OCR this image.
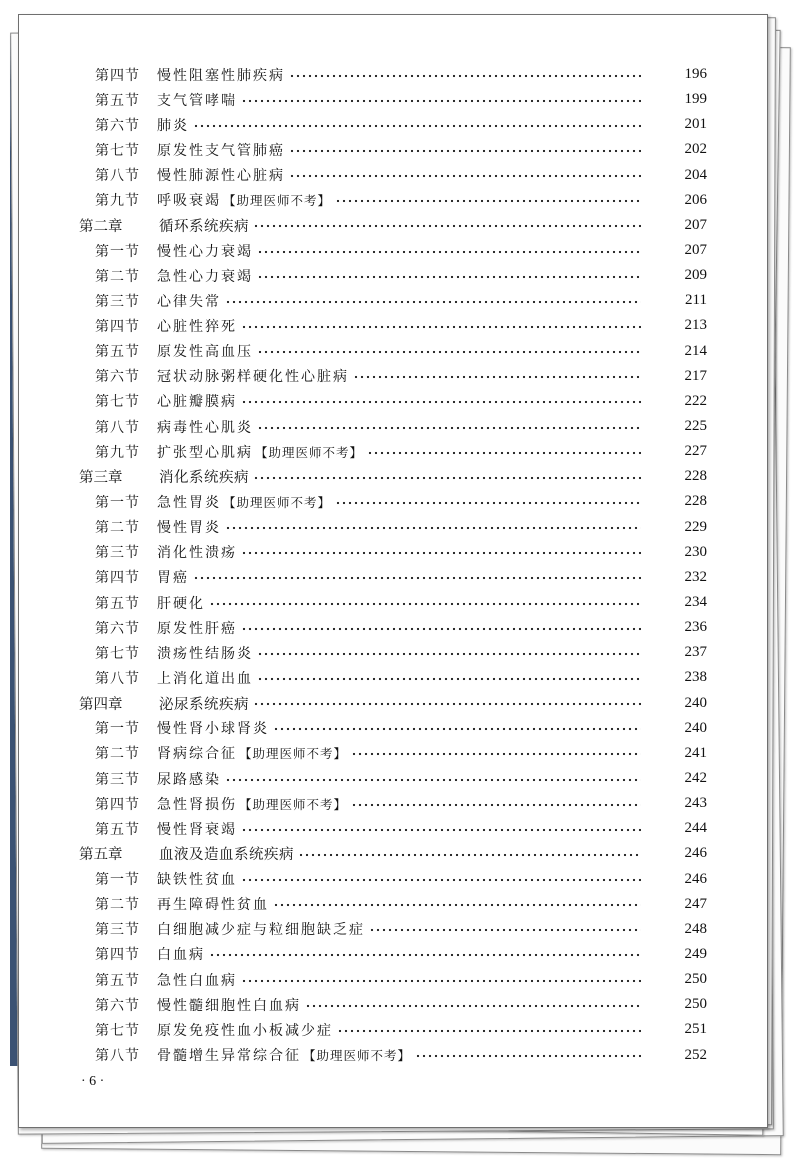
第四节	慢性阻塞性肺疾病	196
第五节	支气管哮喘	199
第六节	肺炎	201
第七节	原发性支气管肺癌	202
第八节	慢性肺源性心脏病	204
第九节	呼吸衰竭 【助理医师不考】	206
第二章	循环系统疾病	207
第一节	慢性心力衰竭	207
第二节	急性心力衰竭	209
第三节	心律失常	211
第四节	心脏性猝死	213
第五节	原发性高血压	214
第六节	冠状动脉粥样硬化性心脏病	217
第七节	心脏瓣膜病	222
第八节	病毒性心肌炎	225
第九节	扩张型心肌病 【助理医师不考】	227
第三章	消化系统疾病	228
第一节	急性胃炎 【助理医师不考】	228
第二节	慢性胃炎	229
第三节	消化性溃疡	230
第四节	胃癌	232
第五节	肝硬化	234
第六节	原发性肝癌	236
第七节	溃疡性结肠炎	237
第八节	上消化道出血	238
第四章	泌尿系统疾病	240
第一节	慢性肾小球肾炎	240
第二节	肾病综合征 【助理医师不考】	241
第三节	尿路感染	242
第四节	急性肾损伤 【助理医师不考】	243
第五节	慢性肾衰竭	244
第五章	血液及造血系统疾病	246
第一节	缺铁性贫血	246
第二节	再生障碍性贫血	247
第三节	白细胞减少症与粒细胞缺乏症	248
第四节	白血病	249
第五节	急性白血病	250
第六节	慢性髓细胞性白血病	250
第七节	原发免疫性血小板减少症	251
第八节	骨髓增生异常综合征 【助理医师不考】	252
· 6 ·
